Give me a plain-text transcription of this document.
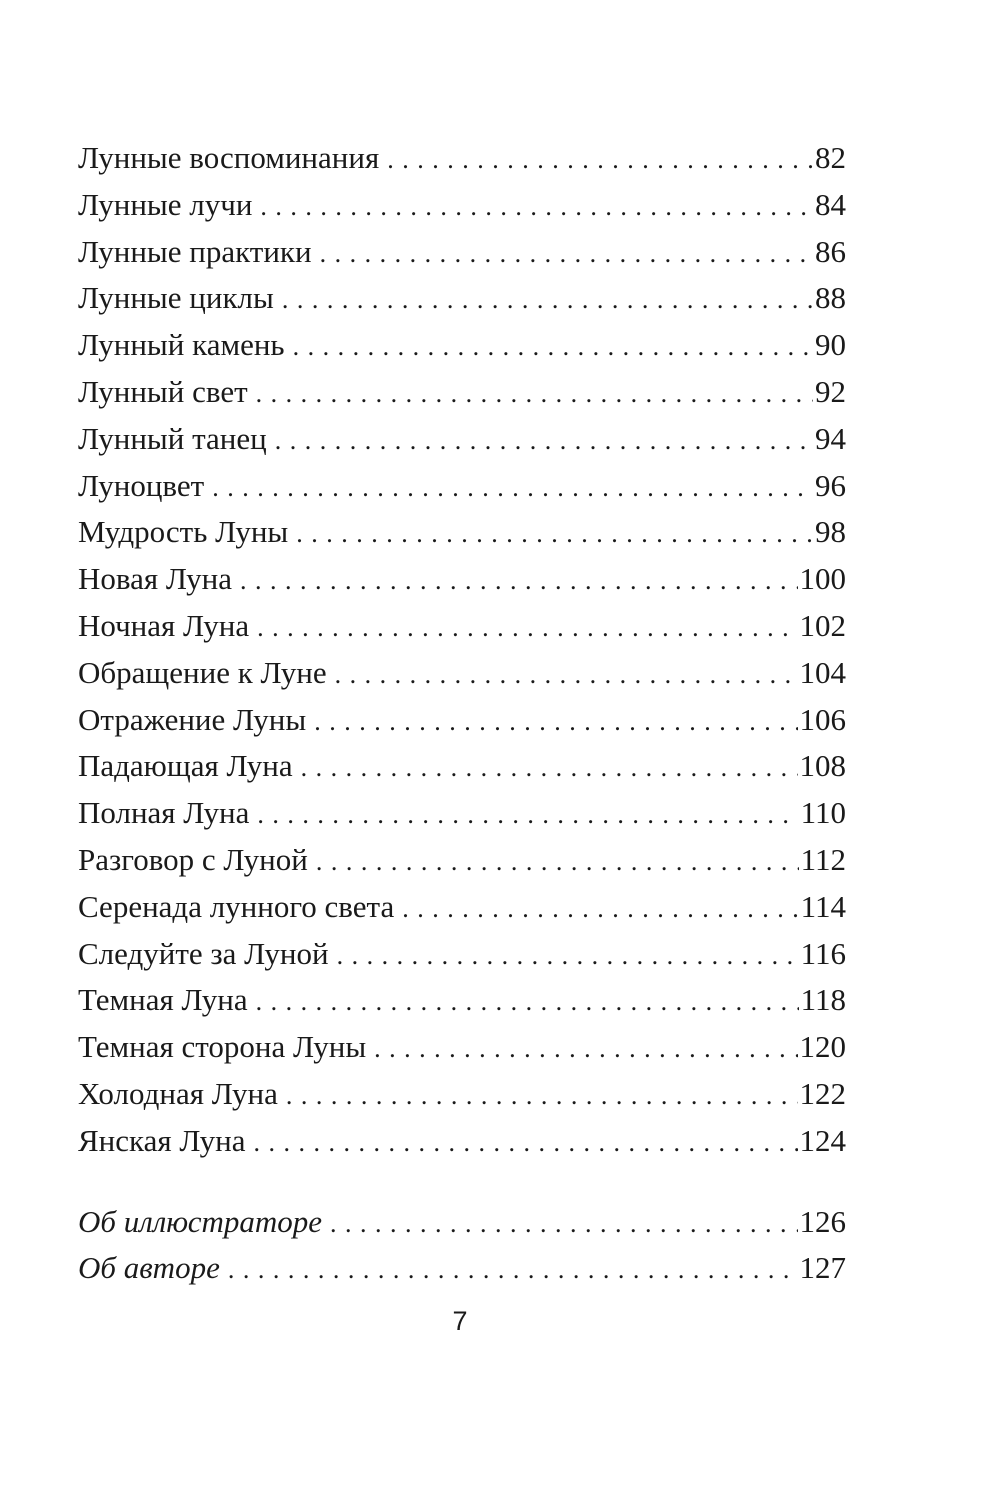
Лунные воспоминания . . .	82
Лунные лучи . . .	84
Лунные практики . . .	86
Лунные циклы . . .	88
Лунный камень . . .	90
Лунный свет . . .	92
Лунный танец . . .	94
Луноцвет . . .	96
Мудрость Луны . . .	98
Новая Луна . . .	100
Ночная Луна . . .	102
Обращение к Луне . . .	104
Отражение Луны . . .	106
Падающая Луна . . .	108
Полная Луна . . .	110
Разговор с Луной . . .	112
Серенада лунного света . . .	114
Следуйте за Луной . . .	116
Темная Луна . . .	118
Темная сторона Луны . . .	120
Холодная Луна . . .	122
Янская Луна . . .	124
Об иллюстраторе . . .	126
Об авторе . . .	127
7
